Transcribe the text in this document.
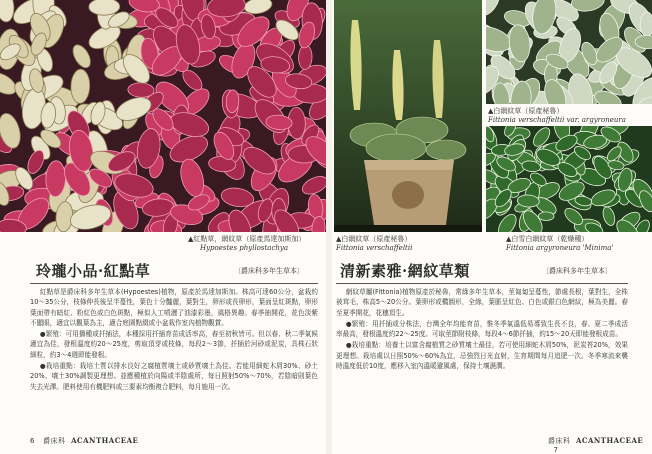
▲紅點草，網紋草（原產馬達加斯加）
Hypoestes phyllostachya
▲白網紋草（原產秘魯）
Fittonia verschaffeltii
▲白網紋草（原產秘魯）
Fittonia verschaffeltii var. argyroneura
▲白雪白網紋草（乾燥種）
Fittonia argyroneura 'Minima'
玲瓏小品· 紅點草	〔爵床科多年生草本〕

紅點草是爵床科多年生草本(Hypoestes)植物，原產於馬達加斯加。株高可達60公分，盆栽約10～35公分，枝條伸長後呈半蔓性，葉色十分豔麗，葉對生，卵形或長卵形，葉面呈紅斑點，卵形葉面帶有暗紅、粉紅色或白色斑點，極似人工噴灑了油漆彩墨，風格異趣。春季抽開花，花色淡紫不顯眼，適宜以觀葉為主，適合庭園點綴或小盆栽作室內植物觀賞。

●繁殖：可用播種或扦插法，本種採用扦插育苗成活率高，春至初秋皆可。但以春、秋二季氣候適宜為佳，發根溫度約20～25度，剪取頂芽或枝條，每段2～3節，扦插於河砂或泥炭，具株石狀細粒，約3～4週即能發根。

●栽培重點：栽培土質以排水良好之腐植質壤土或砂質壤土為佳。若能用細蛇木屑30%、砂土20%、壤土30%調製更理想。並應種植於向陽或半陰處所，每日照射50%～70%，若陰暗則葉色失去光澤。肥料使用有機肥料或三要素均衡複合肥料，每月施用一次。

6 爵床科 ACANTHACEAE
清新素雅· 網紋草類	〔爵床科多年生草本〕

網紋草屬(Fittonia)植物原產於秘魯，常綠多年生草本，莖匍匐呈蔓性，節處長根，葉對生，全株被茸毛，株高5～20公分。葉卵形或橢圓形，全緣，葉脈呈紅色、白色或銀白色網紋，極為美麗。春至夏季開花，花穗頂生。

●繁殖：用扦插或分株法，台灣全年均能育苗，惟冬季氣溫低易導致生長不良，春、夏二季成活率最高，發根溫度約22～25度。可取莖節附枝條，每段4～6節扦插，約15～20天即能發根成苗。

●栽培重點：培養土以富含腐植質之砂質壤土最佳，若可使用細蛇木屑50%，泥炭苔20%，效果更理想。栽培處以日照50%～60%為宜，忌強烈日光直射，生育期間每月追肥一次。冬季寒流來襲時溫度低於10度，應移入室內溫暖避風處，保持土壤濕潤。

爵床科 ACANTHACEAE   7
